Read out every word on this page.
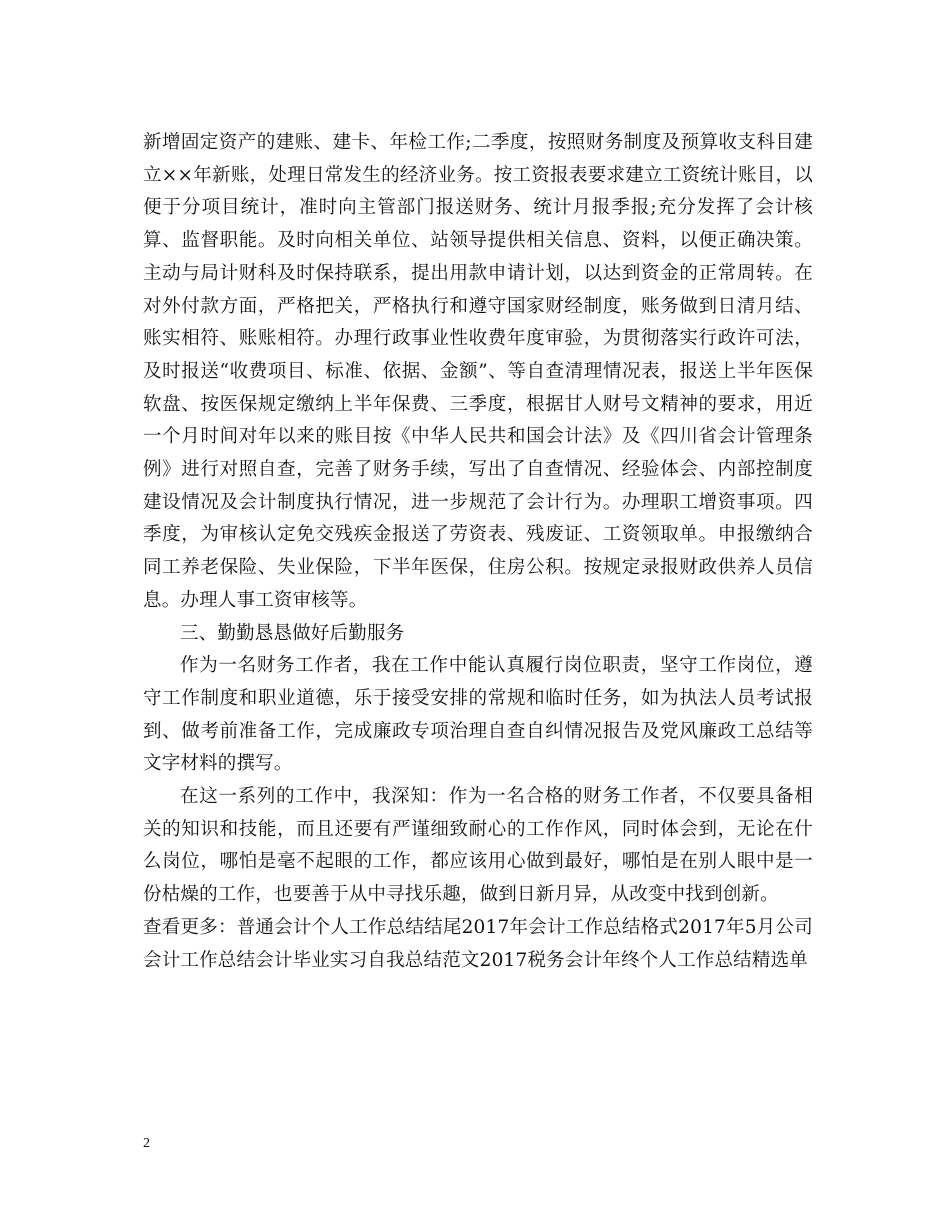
新增固定资产的建账、建卡、年检工作;二季度，按照财务制度及预算收支科目建立××年新账，处理日常发生的经济业务。按工资报表要求建立工资统计账目，以便于分项目统计，准时向主管部门报送财务、统计月报季报;充分发挥了会计核算、监督职能。及时向相关单位、站领导提供相关信息、资料，以便正确决策。主动与局计财科及时保持联系，提出用款申请计划，以达到资金的正常周转。在对外付款方面，严格把关，严格执行和遵守国家财经制度，账务做到日清月结、账实相符、账账相符。办理行政事业性收费年度审验，为贯彻落实行政许可法，及时报送“收费项目、标准、依据、金额”、等自查清理情况表，报送上半年医保软盘、按医保规定缴纳上半年保费、三季度，根据甘人财号文精神的要求，用近一个月时间对年以来的账目按《中华人民共和国会计法》及《四川省会计管理条例》进行对照自查，完善了财务手续，写出了自查情况、经验体会、内部控制度建设情况及会计制度执行情况，进一步规范了会计行为。办理职工增资事项。四季度，为审核认定免交残疾金报送了劳资表、残废证、工资领取单。申报缴纳合同工养老保险、失业保险，下半年医保，住房公积。按规定录报财政供养人员信息。办理人事工资审核等。

三、勤勤恳恳做好后勤服务

作为一名财务工作者，我在工作中能认真履行岗位职责，坚守工作岗位，遵守工作制度和职业道德，乐于接受安排的常规和临时任务，如为执法人员考试报到、做考前准备工作，完成廉政专项治理自查自纠情况报告及党风廉政工总结等文字材料的撰写。

在这一系列的工作中，我深知：作为一名合格的财务工作者，不仅要具备相关的知识和技能，而且还要有严谨细致耐心的工作作风，同时体会到，无论在什么岗位，哪怕是毫不起眼的工作，都应该用心做到最好，哪怕是在别人眼中是一份枯燥的工作，也要善于从中寻找乐趣，做到日新月异，从改变中找到创新。

查看更多：普通会计个人工作总结结尾2017年会计工作总结格式2017年5月公司会计工作总结会计毕业实习自我总结范文2017税务会计年终个人工作总结精选单

2
